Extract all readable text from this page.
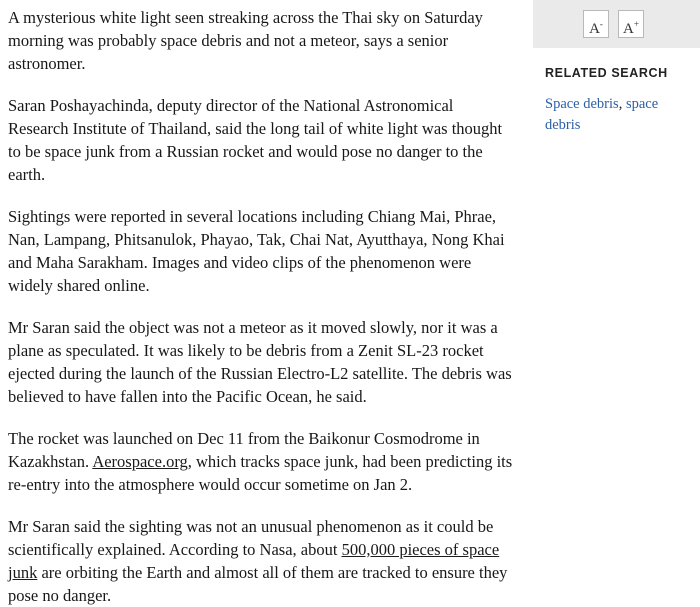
A mysterious white light seen streaking across the Thai sky on Saturday morning was probably space debris and not a meteor, says a senior astronomer.

Saran Poshayachinda, deputy director of the National Astronomical Research Institute of Thailand, said the long tail of white light was thought to be space junk from a Russian rocket and would pose no danger to the earth.

Sightings were reported in several locations including Chiang Mai, Phrae, Nan, Lampang, Phitsanulok, Phayao, Tak, Chai Nat, Ayutthaya, Nong Khai and Maha Sarakham. Images and video clips of the phenomenon were widely shared online.

Mr Saran said the object was not a meteor as it moved slowly, nor it was a plane as speculated. It was likely to be debris from a Zenit SL-23 rocket ejected during the launch of the Russian Electro-L2 satellite. The debris was believed to have fallen into the Pacific Ocean, he said.

The rocket was launched on Dec 11 from the Baikonur Cosmodrome in Kazakhstan. Aerospace.org, which tracks space junk, had been predicting its re-entry into the atmosphere would occur sometime on Jan 2.

Mr Saran said the sighting was not an unusual phenomenon as it could be scientifically explained. According to Nasa, about 500,000 pieces of space junk are orbiting the Earth and almost all of them are tracked to ensure they pose no danger.

A-	A+
RELATED SEARCH
Space debris, space debris
